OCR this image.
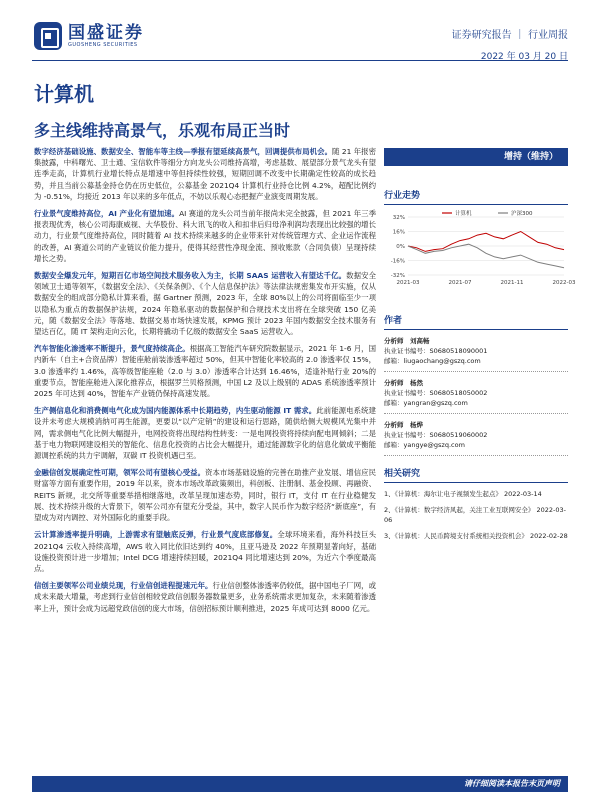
国盛证券
GUOSHENG SECURITIES
证券研究报告 ｜ 行业周报
2022 年 03 月 20 日
计算机
多主线维持高景气，乐观布局正当时

数字经济基础设施、数据安全、智能车等主线—季报有望延续高景气，回调提供布局机会。随 21 年报密集披露，中科曙光、卫士通、宝信软件等细分方向龙头公司维持高增，考虑基数、展望部分景气龙头有望连季走高，计算机行业增长特点是增速中等但持续性较强，短期回调不改变中长期确定性较高的成长趋势，并且当前公募基金持仓仍在历史低位，公募基金 2021Q4 计算机行业持仓比例 4.2%，超配比例约为 -0.51%，均接近 2013 年以来的多年低点，不妨以乐观心态把握产业演变周期发展。

行业景气度维持高位，AI 产业化有望加速。AI 赛道的龙头公司当前年报尚未完全披露，但 2021 年三季报表现优秀，核心公司海康威视、大华股份、科大讯飞的收入和扣非后归母净利润均表现出比较强的增长动力，行业景气度维持高位，同时随着 AI 技术持续来越多的企业带来针对传统管理方式、企业运作流程的改善，AI 赛道公司的产业链议价能力提升，使得其经营性净现金流、预收账款（合同负债）呈现持续增长之势。

数据安全爆发元年，短期百亿市场空间技术服务收入为主，长期 SAAS 运营收入有望达千亿。数据安全领域卫士通等领军，《数据安全法》、《关保条例》、《个人信息保护法》等法律法规密集发布开实施，仅从数据安全的组成部分隐私计算来看，据 Gartner 预测，2023 年，全球 80%以上的公司将面临至少一项以隐私为重点的数据保护法规，2024 年隐私驱动的数据保护和合规技术支出将在全球突破 150 亿美元，随《数据安全法》等落地、数据交易市场快速发展，KPMG 预计 2023 年国内数据安全技术服务有望达百亿，随 IT 架构走向云化，长期将撬动千亿级的数据安全 SaaS 运营收入。

汽车智能化渗透率不断提升，景气度持续高企。根据高工智能汽车研究院数据显示，2021 年 1-6 月，国内新车（自主+合资品牌）智能座舱前装渗透率超过 50%，但其中智能化率较高的 2.0 渗透率仅 15%，3.0 渗透率约 1.46%，高等级智能座舱（2.0 与 3.0）渗透率合计达到 16.46%，适逢补贴行业 20%的重要节点，智能座舱进入深化推荐点，根据罗兰贝格预测，中国 L2 及以上级别的 ADAS 系统渗透率预计 2025 年可达到 40%，智能车产业链仍保持高速发展。

生产侧信息化和消费侧电气化成为国内能源体系中长期趋势，内生驱动能源 IT 需求。此前能源电系统建设并未考虑大规模消纳可再生能源，更要以“以产定销”的建设和运行思路，随供给侧大规模风光集中并网，需求侧电气化比例大幅提升，电网投资将出现结构性转变：一是电网投资将持续向配电网倾斜；二是基于电力物联网建设相关的智能化、信息化投资的占比会大幅提升，通过能源数字化的信息化做成平衡能源调控系统的共力宇调解，双碳 IT 投资机遇已至。

金融信创发展确定性可期，领军公司有望核心受益。资本市场基础设施的完善在助推产业发展、增信应民财富等方面有重要作用，2019 年以来，资本市场改革政策频出，科创板、注册制、基金投顾、再融资、REITS 新规，北交所等重要举措相继落地，改革呈现加速态势，同时，银行 IT，支付 IT 在行业稳健发展、技术持续升级的大背景下，领军公司亦有望充分受益，其中，数字人民币作为数字经济“新底座”，有望成为对内调控、对外国际化的重要手段。

云计算渗透率提升明确，上游需求有望触底反弹，行业景气度底部修复。全球环境来看，海外科技巨头 2021Q4 云收入持续高增，AWS 收入同比依旧达到约 40%，且亚马逊及 2022 年预期显著向好，基础设施投资预计进一步增加；Intel DCG 增速持续回暖，2021Q4 同比增速达到 20%，为近六个季度最高点。

信创主要领军公司业绩兑现，行业信创进程提速元年。行业信创整体渗透率仍较低，据中国电子厂网，或成未来最大增量，考虑到行业信创相较党政信创服务器数量更多，业务系统需求更加复杂，未来随着渗透率上升，预计会成为远超党政信创的庞大市场，信创招标预计顺利推进，2025 年成可达到 8000 亿元。

增持（维持）
行业走势
32%
16%
0%
-16%
-32%
2021-03	2021-07	2021-11	2022-03
计算机	沪深300
作者
分析师　刘高畅
执业证书编号：S0680518090001
邮箱：liugaochang@gszq.com
分析师　杨然
执业证书编号：S0680518050002
邮箱：yangran@gszq.com
分析师　杨烨
执业证书编号：S0680519060002
邮箱：yangye@gszq.com
相关研究
1、《计算机：海尔让电子视频发生起点》 2022-03-14
2、《计算机：数字经济风起，关注工业互联网安全》 2022-03-06
3、《计算机：人民币跨境支付系统相关投资机会》 2022-02-28
请仔细阅读本报告末页声明
